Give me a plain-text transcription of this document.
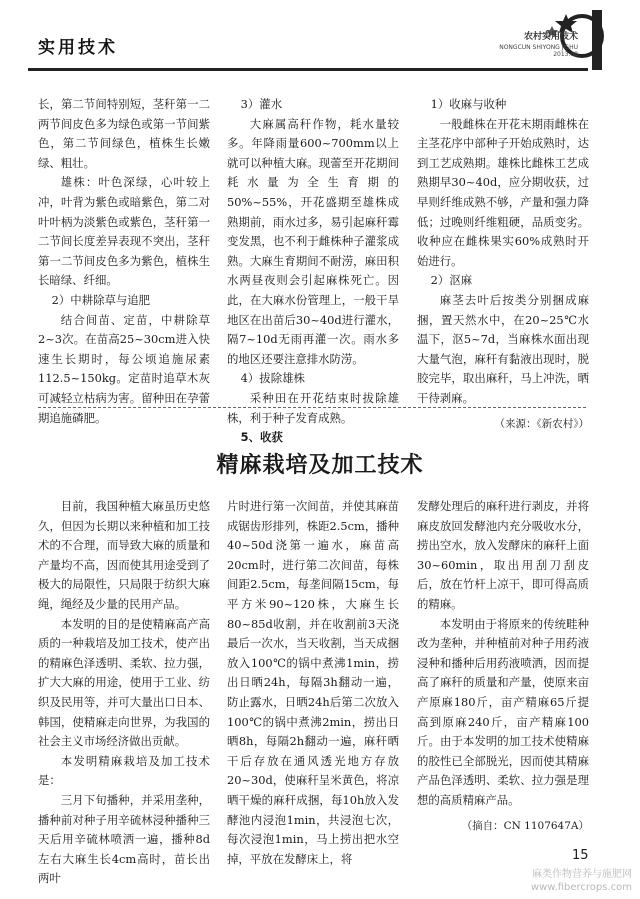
实用技术
农村实用技术
NONGCUN SHIYONG JISHU 2013.08

长，第二节间特别短，茎秆第一二两节间皮色多为绿色或第一节间紫色，第二节间绿色，植株生长嫩绿、粗壮。

雄株：叶色深绿，心叶较上冲，叶背为紫色或暗紫色，第二对叶叶柄为淡紫色或紫色，茎秆第一二节间长度差异表现不突出，茎秆第一二节间皮色多为紫色，植株生长暗绿、纤细。

2）中耕除草与追肥

结合间苗、定苗，中耕除草2~3次。在苗高25~30cm进入快速生长期时，每公顷追施尿素112.5~150kg。定苗时追草木灰可减轻立枯病为害。留种田在孕蕾期追施磷肥。

3）灌水

大麻属高秆作物，耗水量较多。年降雨量600~700mm以上就可以种植大麻。现蕾至开花期间耗水量为全生育期的50%~55%，开花盛期至雄株成熟期前，雨水过多，易引起麻秆霉变发黑，也不利于雌株种子灌浆成熟。大麻生育期间不耐涝，麻田积水两昼夜则会引起麻株死亡。因此，在大麻水份管理上，一般干旱地区在出苗后30~40d进行灌水，隔7~10d无雨再灌一次。雨水多的地区还要注意排水防涝。

4）拔除雄株

采种田在开花结束时拔除雄株，利于种子发育成熟。

5、收获

1）收麻与收种

一般雌株在开花末期雨雌株在主茎花序中部种子开始成熟时，达到工艺成熟期。雄株比雌株工艺成熟期早30~40d，应分期收获，过早则纤维成熟不够，产量和强力降低；过晚则纤维粗硬，品质变劣。收种应在雌株果实60%成熟时开始进行。

2）沤麻

麻茎去叶后按类分别捆成麻捆，置天然水中，在20~25℃水温下，沤5~7d，当麻株水面出现大量气泡，麻秆有黏液出现时，脱胶完毕，取出麻秆，马上冲洗，晒干待剥麻。

（来源：《新农村》）

精麻栽培及加工技术

目前，我国种植大麻虽历史悠久，但因为长期以来种植和加工技术的不合理，而导致大麻的质量和产量均不高，因而使其用途受到了极大的局限性，只局限于纺织大麻绳，绳经及少量的民用产品。

本发明的目的是使精麻高产高质的一种栽培及加工技术，使产出的精麻色泽透明、柔软、拉力强，扩大大麻的用途，使用于工业、纺织及民用等，并可大量出口日本、韩国，使精麻走向世界，为我国的社会主义市场经济做出贡献。

本发明精麻栽培及加工技术是：

三月下旬播种，并采用垄种，播种前对种子用辛硫林浸种播种三天后用辛硫林喷洒一遍，播种8d左右大麻生长4cm高时，苗长出两叶

片时进行第一次间苗，并使其麻苗成锯齿形排列，株距2.5cm，播种40~50d浇第一遍水，麻苗高20cm时，进行第二次间苗，每株间距2.5cm，每垄间隔15cm，每平方米90~120株，大麻生长80~85d收割，并在收割前3天浇最后一次水，当天收割，当天成捆放入100℃的锅中煮沸1min，捞出日晒24h，每隔3h翻动一遍，防止露水，日晒24h后第二次放入100℃的锅中煮沸2min，捞出日晒8h，每隔2h翻动一遍，麻秆晒干后存放在通风透光地方存放20~30d，使麻秆呈米黄色，将凉晒干燥的麻秆成捆，每10h放入发酵池内浸泡1min，共浸泡七次，每次浸泡1min，马上捞出把水空掉，平放在发酵床上，将

发酵处理后的麻秆进行剥皮，并将麻皮放回发酵池内充分吸收水分，捞出空水，放入发酵床的麻秆上面30~60min，取出用刮刀刮皮后，放在竹杆上凉干，即可得高质的精麻。

本发明由于将原来的传统畦种改为垄种，并种植前对种子用药液浸种和播种后用药液喷洒，因而提高了麻秆的质量和产量，使原来亩产原麻180斤，亩产精麻65斤提高到原麻240斤，亩产精麻100斤。由于本发明的加工技术使精麻的胶性已全部脱光，因而使其精麻产品色泽透明、柔软、拉力强是理想的高质精麻产品。

（摘自：CN 1107647A）

15
麻类作物营养与施肥网
www.fibercrops.com
